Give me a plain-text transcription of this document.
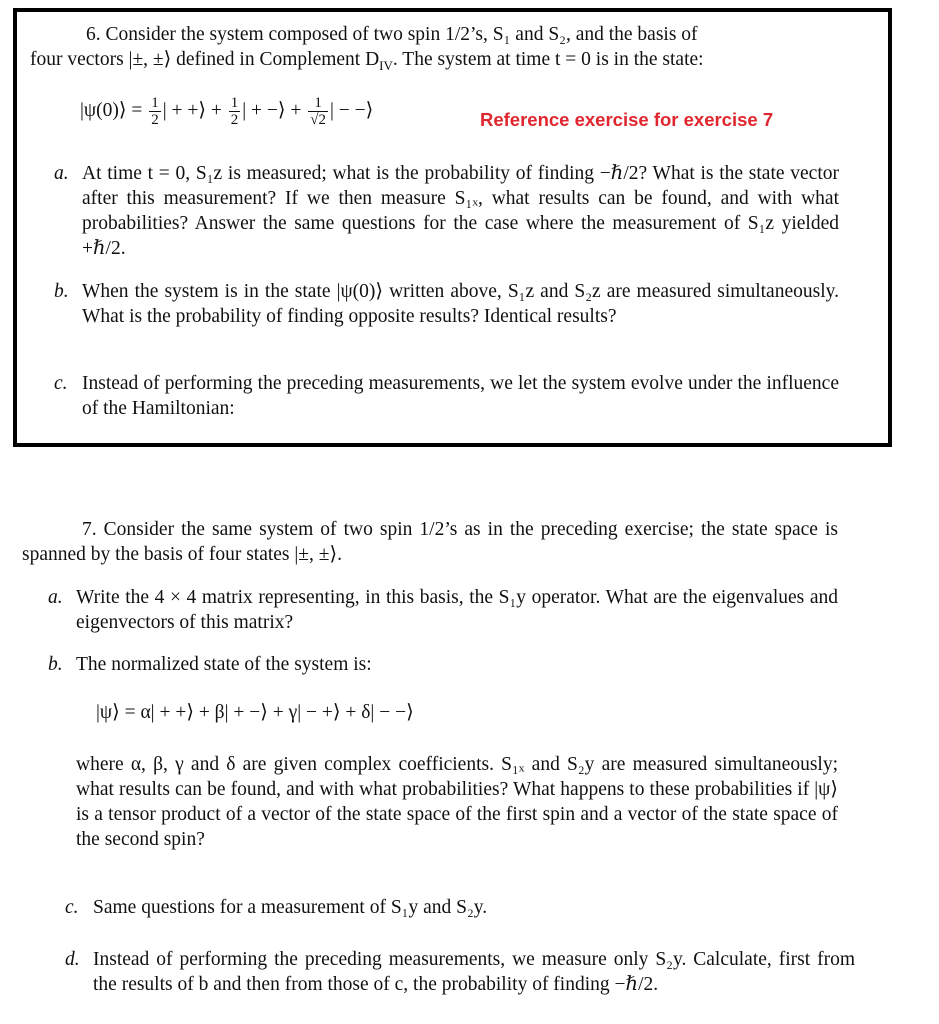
6. Consider the system composed of two spin 1/2’s, S₁ and S₂, and the basis of
four vectors |±, ±⟩ defined in Complement $D_{IV}$. The system at time t = 0 is in the state:

|ψ(0)⟩ = $\frac{1}{2}$ | + +⟩ + $\frac{1}{2}$ | + −⟩ + $\frac{1}{√2}$ | − −⟩	Reference exercise for exercise 7
a. At time t = 0, S₁z is measured; what is the probability of finding −ℏ/2? What is the state vector after this measurement? If we then measure S₁ₓ, what results can be found, and with what probabilities? Answer the same questions for the case where the measurement of S₁z yielded +ℏ/2.
b. When the system is in the state |ψ(0)⟩ written above, S₁z and S₂z are measured simultaneously. What is the probability of finding opposite results? Identical results?
c. Instead of performing the preceding measurements, we let the system evolve under the influence of the Hamiltonian:

7. Consider the same system of two spin 1/2’s as in the preceding exercise; the state space is spanned by the basis of four states |±, ±⟩.

a. Write the 4 × 4 matrix representing, in this basis, the S₁y operator. What are the eigenvalues and eigenvectors of this matrix?
b. The normalized state of the system is:
|ψ⟩ = α| + +⟩ + β| + −⟩ + γ| − +⟩ + δ| − −⟩
where α, β, γ and δ are given complex coefficients. S₁ₓ and S₂y are measured simultaneously; what results can be found, and with what probabilities? What happens to these probabilities if |ψ⟩ is a tensor product of a vector of the state space of the first spin and a vector of the state space of the second spin?
c. Same questions for a measurement of S₁y and S₂y.
d. Instead of performing the preceding measurements, we measure only S₂y. Calculate, first from the results of b and then from those of c, the probability of finding −ℏ/2.
